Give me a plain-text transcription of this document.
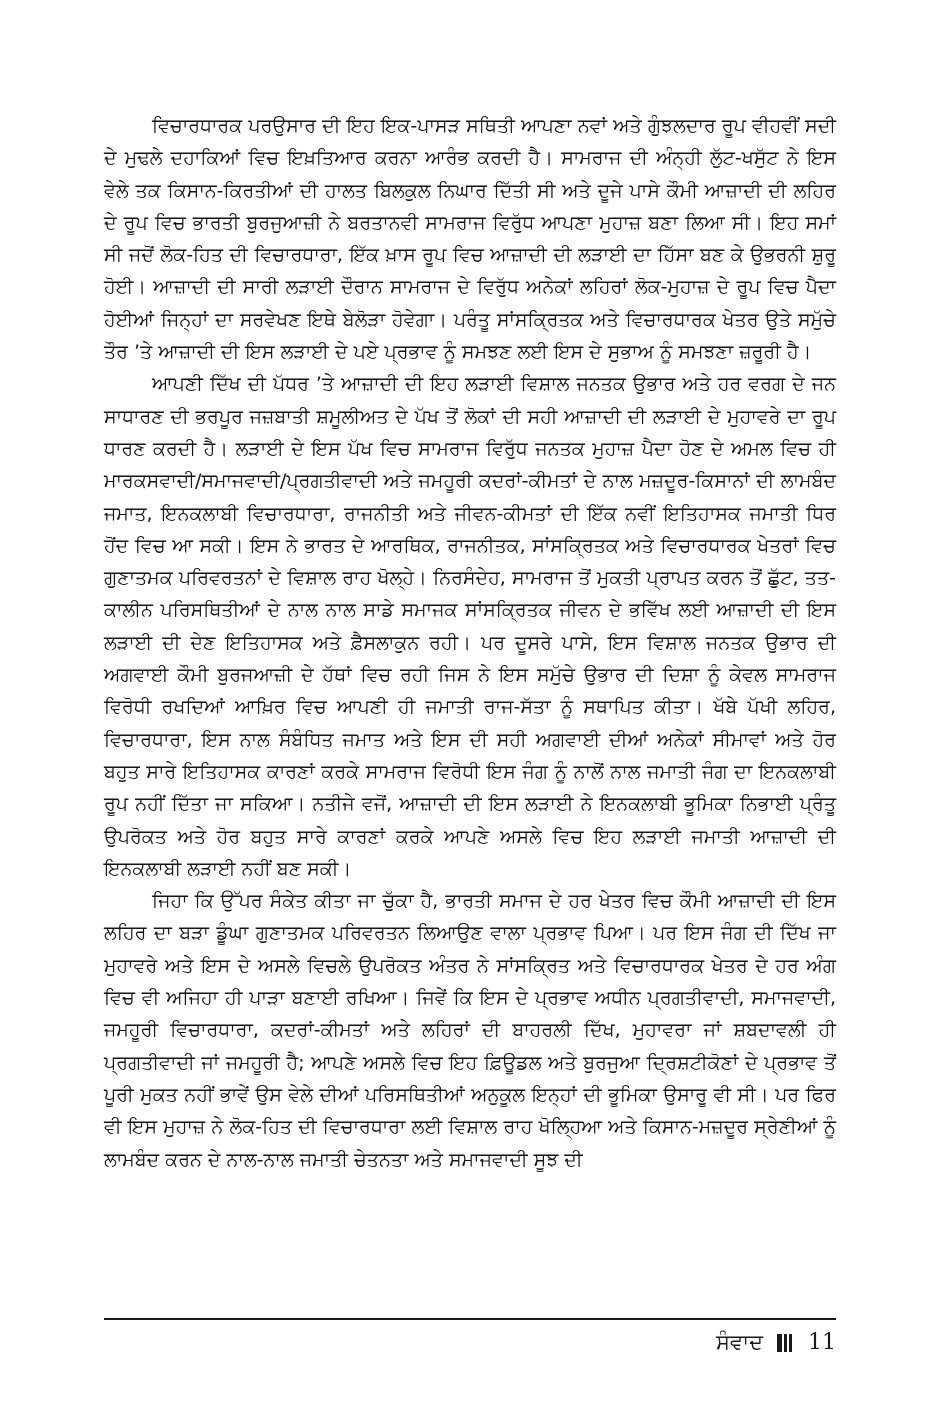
ਵਿਚਾਰਧਾਰਕ ਪਰਉਸਾਰ ਦੀ ਇਹ ਇਕ-ਪਾਸੜ ਸਥਿਤੀ ਆਪਣਾ ਨਵਾਂ ਅਤੇ ਗੁੰਝਲਦਾਰ ਰੂਪ ਵੀਹਵੀਂ ਸਦੀ ਦੇ ਮੁਢਲੇ ਦਹਾਕਿਆਂ ਵਿਚ ਇਖ਼ਤਿਆਰ ਕਰਨਾ ਆਰੰਭ ਕਰਦੀ ਹੈ। ਸਾਮਰਾਜ ਦੀ ਅੰਨ੍ਹੀ ਲੁੱਟ-ਖਸੁੱਟ ਨੇ ਇਸ ਵੇਲੇ ਤਕ ਕਿਸਾਨ-ਕਿਰਤੀਆਂ ਦੀ ਹਾਲਤ ਬਿਲਕੁਲ ਨਿਘਾਰ ਦਿੱਤੀ ਸੀ ਅਤੇ ਦੂਜੇ ਪਾਸੇ ਕੌਮੀ ਆਜ਼ਾਦੀ ਦੀ ਲਹਿਰ ਦੇ ਰੂਪ ਵਿਚ ਭਾਰਤੀ ਬੁਰਜੁਆਜ਼ੀ ਨੇ ਬਰਤਾਨਵੀ ਸਾਮਰਾਜ ਵਿਰੁੱਧ ਆਪਣਾ ਮੁਹਾਜ਼ ਬਣਾ ਲਿਆ ਸੀ। ਇਹ ਸਮਾਂ ਸੀ ਜਦੋਂ ਲੋਕ-ਹਿਤ ਦੀ ਵਿਚਾਰਧਾਰਾ, ਇੱਕ ਖ਼ਾਸ ਰੂਪ ਵਿਚ ਆਜ਼ਾਦੀ ਦੀ ਲੜਾਈ ਦਾ ਹਿੱਸਾ ਬਣ ਕੇ ਉਭਰਨੀ ਸ਼ੁਰੂ ਹੋਈ। ਆਜ਼ਾਦੀ ਦੀ ਸਾਰੀ ਲੜਾਈ ਦੌਰਾਨ ਸਾਮਰਾਜ ਦੇ ਵਿਰੁੱਧ ਅਨੇਕਾਂ ਲਹਿਰਾਂ ਲੋਕ-ਮੁਹਾਜ਼ ਦੇ ਰੂਪ ਵਿਚ ਪੈਦਾ ਹੋਈਆਂ ਜਿਨ੍ਹਾਂ ਦਾ ਸਰਵੇਖਣ ਇਥੇ ਬੇਲੋੜਾ ਹੋਵੇਗਾ। ਪਰੰਤੂ ਸਾਂਸਕ੍ਰਿਤਕ ਅਤੇ ਵਿਚਾਰਧਾਰਕ ਖੇਤਰ ਉਤੇ ਸਮੁੱਚੇ ਤੌਰ ’ਤੇ ਆਜ਼ਾਦੀ ਦੀ ਇਸ ਲੜਾਈ ਦੇ ਪਏ ਪ੍ਰਭਾਵ ਨੂੰ ਸਮਝਣ ਲਈ ਇਸ ਦੇ ਸੁਭਾਅ ਨੂੰ ਸਮਝਣਾ ਜ਼ਰੂਰੀ ਹੈ।

ਆਪਣੀ ਦਿੱਖ ਦੀ ਪੱਧਰ ’ਤੇ ਆਜ਼ਾਦੀ ਦੀ ਇਹ ਲੜਾਈ ਵਿਸ਼ਾਲ ਜਨਤਕ ਉਭਾਰ ਅਤੇ ਹਰ ਵਰਗ ਦੇ ਜਨ ਸਾਧਾਰਣ ਦੀ ਭਰਪੂਰ ਜਜ਼ਬਾਤੀ ਸ਼ਮੂਲੀਅਤ ਦੇ ਪੱਖ ਤੋਂ ਲੋਕਾਂ ਦੀ ਸਹੀ ਆਜ਼ਾਦੀ ਦੀ ਲੜਾਈ ਦੇ ਮੁਹਾਵਰੇ ਦਾ ਰੂਪ ਧਾਰਣ ਕਰਦੀ ਹੈ। ਲੜਾਈ ਦੇ ਇਸ ਪੱਖ ਵਿਚ ਸਾਮਰਾਜ ਵਿਰੁੱਧ ਜਨਤਕ ਮੁਹਾਜ਼ ਪੈਦਾ ਹੋਣ ਦੇ ਅਮਲ ਵਿਚ ਹੀ ਮਾਰਕਸਵਾਦੀ/ਸਮਾਜਵਾਦੀ/ਪ੍ਰਗਤੀਵਾਦੀ ਅਤੇ ਜਮਹੂਰੀ ਕਦਰਾਂ-ਕੀਮਤਾਂ ਦੇ ਨਾਲ ਮਜ਼ਦੂਰ-ਕਿਸਾਨਾਂ ਦੀ ਲਾਮਬੰਦ ਜਮਾਤ, ਇਨਕਲਾਬੀ ਵਿਚਾਰਧਾਰਾ, ਰਾਜਨੀਤੀ ਅਤੇ ਜੀਵਨ-ਕੀਮਤਾਂ ਦੀ ਇੱਕ ਨਵੀਂ ਇਤਿਹਾਸਕ ਜਮਾਤੀ ਧਿਰ ਹੋਂਦ ਵਿਚ ਆ ਸਕੀ। ਇਸ ਨੇ ਭਾਰਤ ਦੇ ਆਰਥਿਕ, ਰਾਜਨੀਤਕ, ਸਾਂਸਕ੍ਰਿਤਕ ਅਤੇ ਵਿਚਾਰਧਾਰਕ ਖੇਤਰਾਂ ਵਿਚ ਗੁਣਾਤਮਕ ਪਰਿਵਰਤਨਾਂ ਦੇ ਵਿਸ਼ਾਲ ਰਾਹ ਖੋਲ੍ਹੇ। ਨਿਰਸੰਦੇਹ, ਸਾਮਰਾਜ ਤੋਂ ਮੁਕਤੀ ਪ੍ਰਾਪਤ ਕਰਨ ਤੋਂ ਛੁੱਟ, ਤਤ-ਕਾਲੀਨ ਪਰਿਸਥਿਤੀਆਂ ਦੇ ਨਾਲ ਨਾਲ ਸਾਡੇ ਸਮਾਜਕ ਸਾਂਸਕ੍ਰਿਤਕ ਜੀਵਨ ਦੇ ਭਵਿੱਖ ਲਈ ਆਜ਼ਾਦੀ ਦੀ ਇਸ ਲੜਾਈ ਦੀ ਦੇਣ ਇਤਿਹਾਸਕ ਅਤੇ ਫ਼ੈਸਲਾਕੁਨ ਰਹੀ। ਪਰ ਦੂਸਰੇ ਪਾਸੇ, ਇਸ ਵਿਸ਼ਾਲ ਜਨਤਕ ਉਭਾਰ ਦੀ ਅਗਵਾਈ ਕੌਮੀ ਬੁਰਜਆਜ਼ੀ ਦੇ ਹੱਥਾਂ ਵਿਚ ਰਹੀ ਜਿਸ ਨੇ ਇਸ ਸਮੁੱਚੇ ਉਭਾਰ ਦੀ ਦਿਸ਼ਾ ਨੂੰ ਕੇਵਲ ਸਾਮਰਾਜ ਵਿਰੋਧੀ ਰਖਦਿਆਂ ਆਖ਼ਿਰ ਵਿਚ ਆਪਣੀ ਹੀ ਜਮਾਤੀ ਰਾਜ-ਸੱਤਾ ਨੂੰ ਸਥਾਪਿਤ ਕੀਤਾ। ਖੱਬੇ ਪੱਖੀ ਲਹਿਰ, ਵਿਚਾਰਧਾਰਾ, ਇਸ ਨਾਲ ਸੰਬੰਧਿਤ ਜਮਾਤ ਅਤੇ ਇਸ ਦੀ ਸਹੀ ਅਗਵਾਈ ਦੀਆਂ ਅਨੇਕਾਂ ਸੀਮਾਵਾਂ ਅਤੇ ਹੋਰ ਬਹੁਤ ਸਾਰੇ ਇਤਿਹਾਸਕ ਕਾਰਣਾਂ ਕਰਕੇ ਸਾਮਰਾਜ ਵਿਰੋਧੀ ਇਸ ਜੰਗ ਨੂੰ ਨਾਲੋਂ ਨਾਲ ਜਮਾਤੀ ਜੰਗ ਦਾ ਇਨਕਲਾਬੀ ਰੂਪ ਨਹੀਂ ਦਿੱਤਾ ਜਾ ਸਕਿਆ। ਨਤੀਜੇ ਵਜੋਂ, ਆਜ਼ਾਦੀ ਦੀ ਇਸ ਲੜਾਈ ਨੇ ਇਨਕਲਾਬੀ ਭੂਮਿਕਾ ਨਿਭਾਈ ਪ੍ਰੰਤੂ ਉਪਰੋਕਤ ਅਤੇ ਹੋਰ ਬਹੁਤ ਸਾਰੇ ਕਾਰਣਾਂ ਕਰਕੇ ਆਪਣੇ ਅਸਲੇ ਵਿਚ ਇਹ ਲੜਾਈ ਜਮਾਤੀ ਆਜ਼ਾਦੀ ਦੀ ਇਨਕਲਾਬੀ ਲੜਾਈ ਨਹੀਂ ਬਣ ਸਕੀ।

ਜਿਹਾ ਕਿ ਉੱਪਰ ਸੰਕੇਤ ਕੀਤਾ ਜਾ ਚੁੱਕਾ ਹੈ, ਭਾਰਤੀ ਸਮਾਜ ਦੇ ਹਰ ਖੇਤਰ ਵਿਚ ਕੌਮੀ ਆਜ਼ਾਦੀ ਦੀ ਇਸ ਲਹਿਰ ਦਾ ਬੜਾ ਡੂੰਘਾ ਗੁਣਾਤਮਕ ਪਰਿਵਰਤਨ ਲਿਆਉਣ ਵਾਲਾ ਪ੍ਰਭਾਵ ਪਿਆ। ਪਰ ਇਸ ਜੰਗ ਦੀ ਦਿੱਖ ਜਾ ਮੁਹਾਵਰੇ ਅਤੇ ਇਸ ਦੇ ਅਸਲੇ ਵਿਚਲੇ ਉਪਰੋਕਤ ਅੰਤਰ ਨੇ ਸਾਂਸਕ੍ਰਿਤ ਅਤੇ ਵਿਚਾਰਧਾਰਕ ਖੇਤਰ ਦੇ ਹਰ ਅੰਗ ਵਿਚ ਵੀ ਅਜਿਹਾ ਹੀ ਪਾੜਾ ਬਣਾਈ ਰਖਿਆ। ਜਿਵੇਂ ਕਿ ਇਸ ਦੇ ਪ੍ਰਭਾਵ ਅਧੀਨ ਪ੍ਰਗਤੀਵਾਦੀ, ਸਮਾਜਵਾਦੀ, ਜਮਹੂਰੀ ਵਿਚਾਰਧਾਰਾ, ਕਦਰਾਂ-ਕੀਮਤਾਂ ਅਤੇ ਲਹਿਰਾਂ ਦੀ ਬਾਹਰਲੀ ਦਿੱਖ, ਮੁਹਾਵਰਾ ਜਾਂ ਸ਼ਬਦਾਵਲੀ ਹੀ ਪ੍ਰਗਤੀਵਾਦੀ ਜਾਂ ਜਮਹੂਰੀ ਹੈ; ਆਪਣੇ ਅਸਲੇ ਵਿਚ ਇਹ ਫ਼ਿਊਡਲ ਅਤੇ ਬੁਰਜੁਆ ਦ੍ਰਿਸ਼ਟੀਕੋਣਾਂ ਦੇ ਪ੍ਰਭਾਵ ਤੋਂ ਪੂਰੀ ਮੁਕਤ ਨਹੀਂ ਭਾਵੇਂ ਉਸ ਵੇਲੇ ਦੀਆਂ ਪਰਿਸਥਿਤੀਆਂ ਅਨੁਕੂਲ ਇਨ੍ਹਾਂ ਦੀ ਭੂਮਿਕਾ ਉਸਾਰੂ ਵੀ ਸੀ। ਪਰ ਫਿਰ ਵੀ ਇਸ ਮੁਹਾਜ਼ ਨੇ ਲੋਕ-ਹਿਤ ਦੀ ਵਿਚਾਰਧਾਰਾ ਲਈ ਵਿਸ਼ਾਲ ਰਾਹ ਖੋਲ੍ਹਿਆ ਅਤੇ ਕਿਸਾਨ-ਮਜ਼ਦੂਰ ਸ੍ਰੇਣੀਆਂ ਨੂੰ ਲਾਮਬੰਦ ਕਰਨ ਦੇ ਨਾਲ-ਨਾਲ ਜਮਾਤੀ ਚੇਤਨਤਾ ਅਤੇ ਸਮਾਜਵਾਦੀ ਸੂਝ ਦੀ

ਸੰਵਾਦ 11
